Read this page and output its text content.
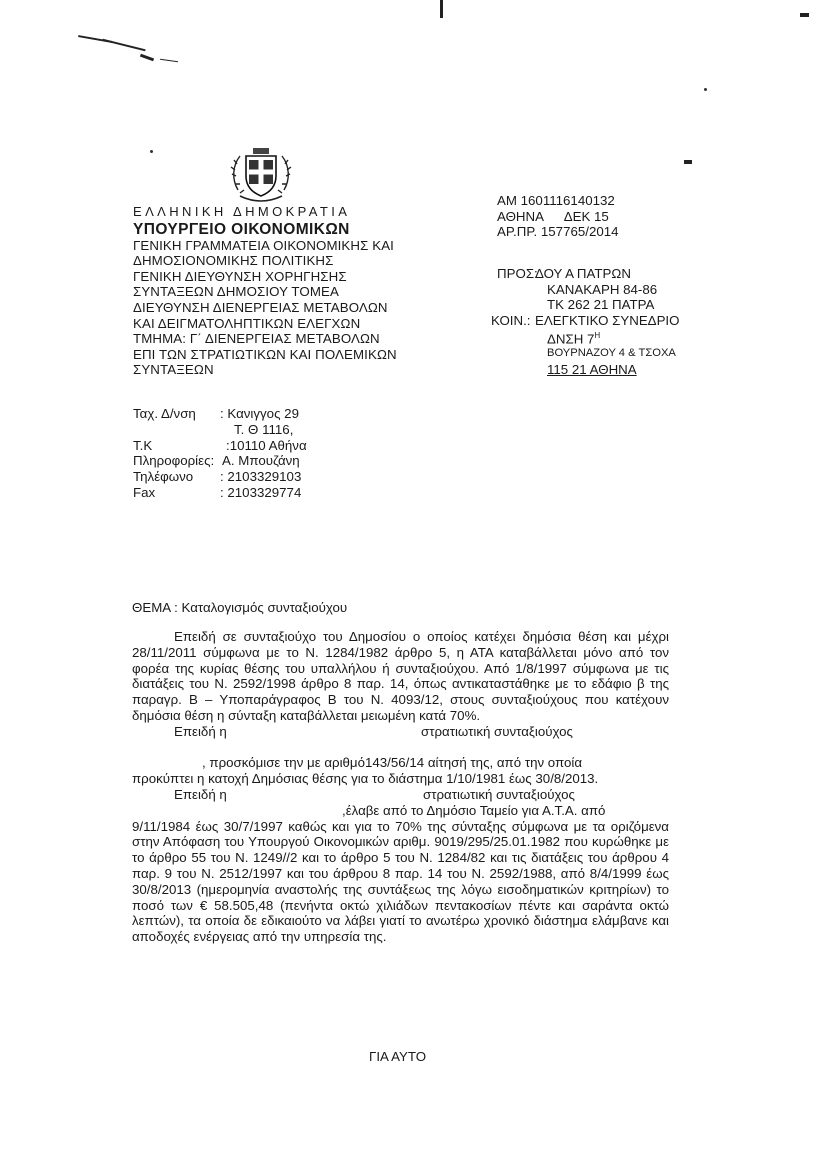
ΕΛΛΗΝΙΚΗ ΔΗΜΟΚΡΑΤΙΑ
ΥΠΟΥΡΓΕΙΟ ΟΙΚΟΝΟΜΙΚΩΝ
ΓΕΝΙΚΗ ΓΡΑΜΜΑΤΕΙΑ ΟΙΚΟΝΟΜΙΚΗΣ ΚΑΙ
ΔΗΜΟΣΙΟΝΟΜΙΚΗΣ ΠΟΛΙΤΙΚΗΣ
ΓΕΝΙΚΗ ΔΙΕΥΘΥΝΣΗ ΧΟΡΗΓΗΣΗΣ
ΣΥΝΤΑΞΕΩΝ ΔΗΜΟΣΙΟΥ ΤΟΜΕΑ
ΔΙΕΥΘΥΝΣΗ ΔΙΕΝΕΡΓΕΙΑΣ ΜΕΤΑΒΟΛΩΝ
ΚΑΙ ΔΕΙΓΜΑΤΟΛΗΠΤΙΚΩΝ ΕΛΕΓΧΩΝ
ΤΜΗΜΑ: Γ΄ ΔΙΕΝΕΡΓΕΙΑΣ ΜΕΤΑΒΟΛΩΝ
ΕΠΙ ΤΩΝ ΣΤΡΑΤΙΩΤΙΚΩΝ ΚΑΙ ΠΟΛΕΜΙΚΩΝ
ΣΥΝΤΑΞΕΩΝ
Ταχ. Δ/νση : Κανιγγος 29
Τ. Θ 1116,
Τ.Κ	:10110 Αθήνα
Πληροφορίες: Α. Μπουζάνη
Τηλέφωνο : 2103329103
Fax	: 2103329774
ΑΜ 1601116140132
ΑΘΗΝΑ ΔΕΚ 15
ΑΡ.ΠΡ. 157765/2014
ΠΡΟΣ:
ΔΟΥ Α ΠΑΤΡΩΝ
ΚΑΝΑΚΑΡΗ 84-86
ΤΚ 262 21 ΠΑΤΡΑ
ΚΟΙΝ.: ΕΛΕΓΚΤΙΚΟ ΣΥΝΕΔΡΙΟ
ΔΝΣΗ $7^H$
ΒΟΥΡΝΑΖΟΥ 4 & ΤΣΟΧΑ
115 21 ΑΘΗΝΑ
ΘΕΜΑ : Καταλογισμός συνταξιούχου

Επειδή σε συνταξιούχο του Δημοσίου ο οποίος κατέχει δημόσια θέση και μέχρι 28/11/2011 σύμφωνα με το Ν. 1284/1982 άρθρο 5, η ΑΤΑ καταβάλλεται μόνο από τον φορέα της κυρίας θέσης του υπαλλήλου ή συνταξιούχου. Από 1/8/1997 σύμφωνα με τις διατάξεις του Ν. 2592/1998 άρθρο 8 παρ. 14, όπως αντικαταστάθηκε με το εδάφιο β της παραγρ. Β – Υποπαράγραφος Β του Ν. 4093/12, στους συνταξιούχους που κατέχουν δημόσια θέση η σύνταξη καταβάλλεται μειωμένη κατά 70%.

Επειδή η	στρατιωτική συνταξιούχος
, προσκόμισε την με αριθμό143/56/14 αίτησή της, από την οποία
προκύπτει η κατοχή Δημόσιας θέσης για το διάστημα 1/10/1981 έως 30/8/2013.
Επειδή η	στρατιωτική συνταξιούχος
,έλαβε από το Δημόσιο Ταμείο για Α.Τ.Α. από

9/11/1984 έως 30/7/1997 καθώς και για το 70% της σύνταξης σύμφωνα με τα οριζόμενα στην Απόφαση του Υπουργού Οικονομικών αριθμ. 9019/295/25.01.1982 που κυρώθηκε με το άρθρο 55 του Ν. 1249//2 και το άρθρο 5 του Ν. 1284/82 και τις διατάξεις του άρθρου 4 παρ. 9 του Ν. 2512/1997 και του άρθρου 8 παρ. 14 του Ν. 2592/1988, από 8/4/1999 έως 30/8/2013 (ημερομηνία αναστολής της συντάξεως της λόγω εισοδηματικών κριτηρίων) το ποσό των € 58.505,48 (πενήντα οκτώ χιλιάδων πεντακοσίων πέντε και σαράντα οκτώ λεπτών), τα οποία δε εδικαιούτο να λάβει γιατί το ανωτέρω χρονικό διάστημα ελάμβανε και αποδοχές ενέργειας από την υπηρεσία της.

ΓΙΑ ΑΥΤΟ
